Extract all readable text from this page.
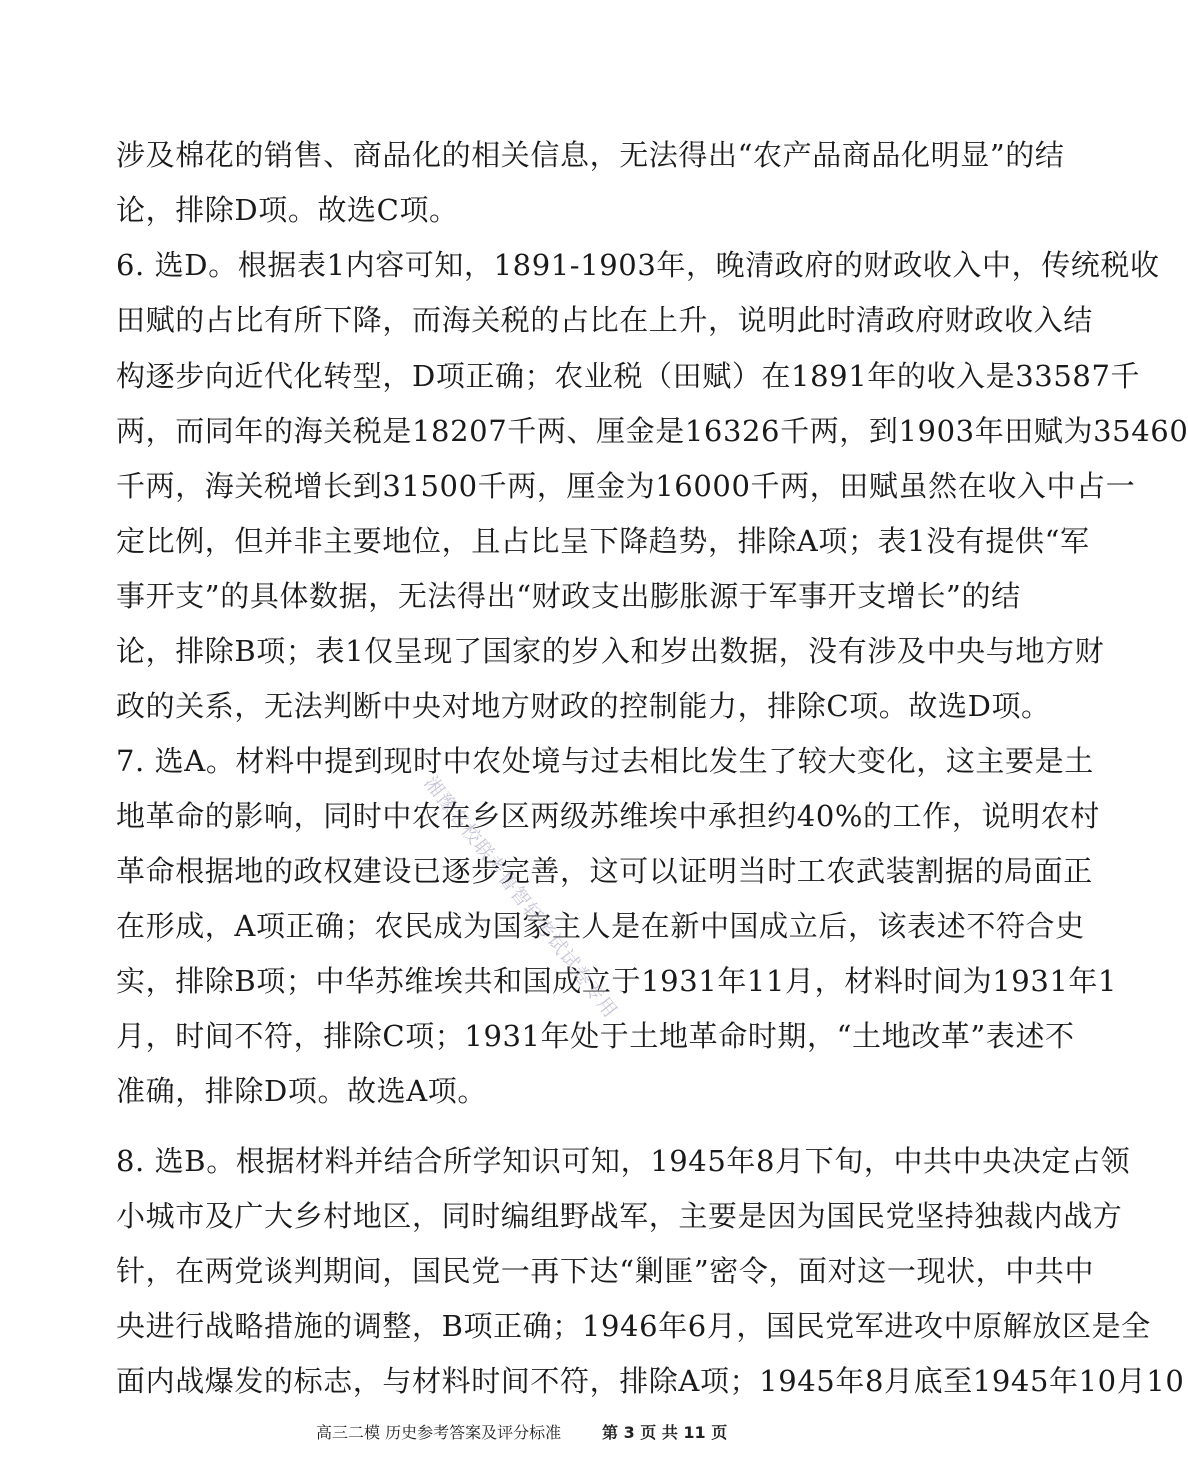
涉及棉花的销售、商品化的相关信息，无法得出“农产品商品化明显”的结
论，排除D项。故选C项。
6. 选D。根据表1内容可知，1891-1903年，晚清政府的财政收入中，传统税收
田赋的占比有所下降，而海关税的占比在上升，说明此时清政府财政收入结
构逐步向近代化转型，D项正确；农业税（田赋）在1891年的收入是33587千
两，而同年的海关税是18207千两、厘金是16326千两，到1903年田赋为35460
千两，海关税增长到31500千两，厘金为16000千两，田赋虽然在收入中占一
定比例，但并非主要地位，且占比呈下降趋势，排除A项；表1没有提供“军
事开支”的具体数据，无法得出“财政支出膨胀源于军事开支增长”的结
论，排除B项；表1仅呈现了国家的岁入和岁出数据，没有涉及中央与地方财
政的关系，无法判断中央对地方财政的控制能力，排除C项。故选D项。
7. 选A。材料中提到现时中农处境与过去相比发生了较大变化，这主要是土
地革命的影响，同时中农在乡区两级苏维埃中承担约40%的工作，说明农村
革命根据地的政权建设已逐步完善，这可以证明当时工农武装割据的局面正
在形成，A项正确；农民成为国家主人是在新中国成立后，该表述不符合史
实，排除B项；中华苏维埃共和国成立于1931年11月，材料时间为1931年1
月，时间不符，排除C项；1931年处于土地革命时期，“土地改革”表述不
准确，排除D项。故选A项。
8. 选B。根据材料并结合所学知识可知，1945年8月下旬，中共中央决定占领
小城市及广大乡村地区，同时编组野战军，主要是因为国民党坚持独裁内战方
针，在两党谈判期间，国民党一再下达“剿匪”密令，面对这一现状，中共中
央进行战略措施的调整，B项正确；1946年6月，国民党军进攻中原解放区是全
面内战爆发的标志，与材料时间不符，排除A项；1945年8月底至1945年10月10
湘豫名校联考鲁智轩考试试卷专用
高三二模 历史参考答案及评分标准	第 3 页 共 11 页
